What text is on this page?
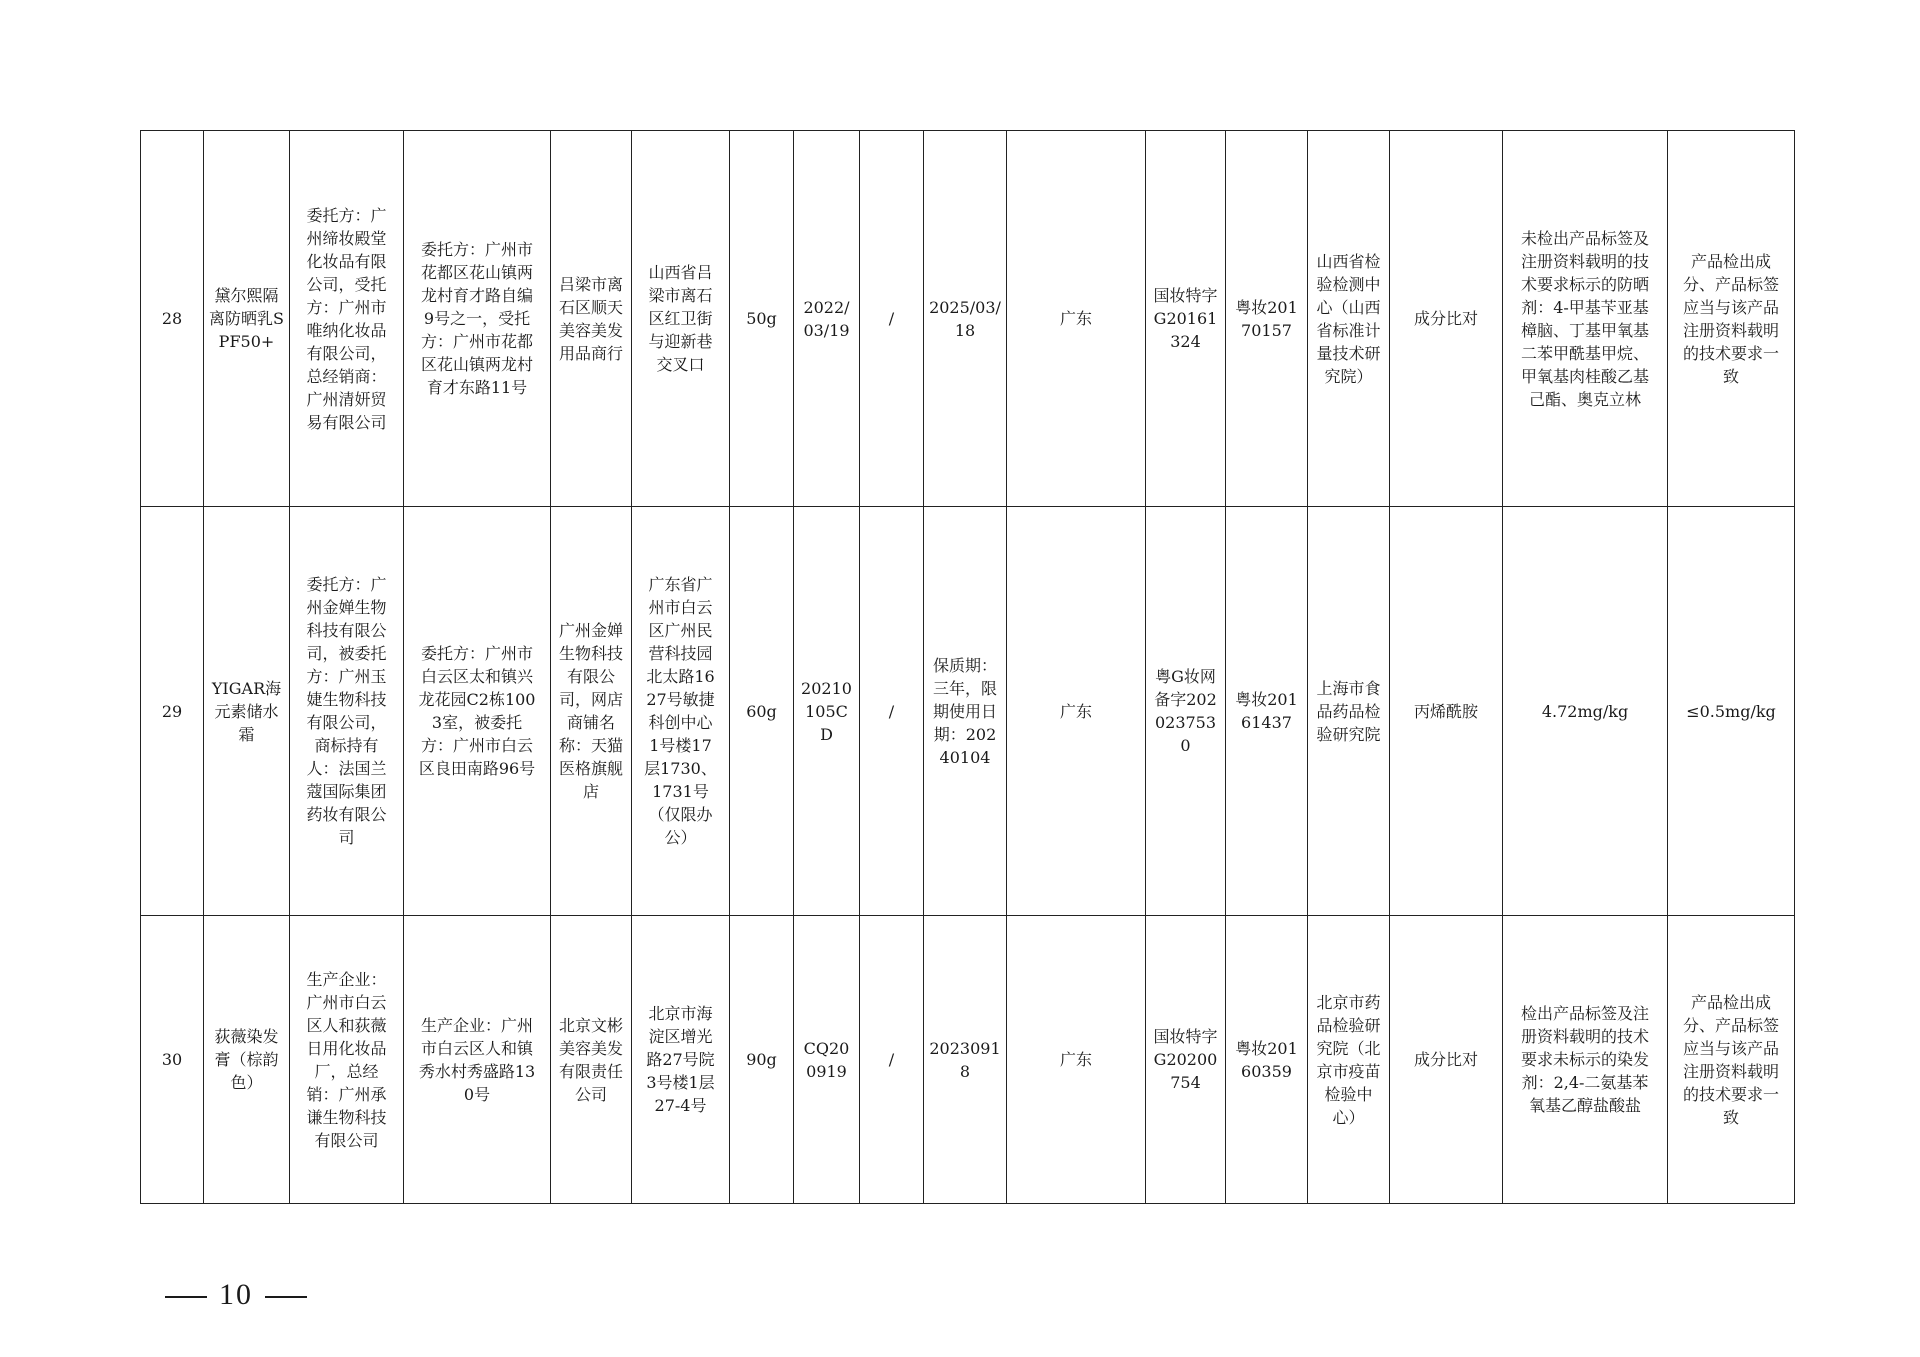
28	黛尔熙隔离防晒乳SPF50+	委托方：广州缔妆殿堂化妆品有限公司，受托方：广州市唯纳化妆品有限公司，总经销商：广州清妍贸易有限公司	委托方：广州市花都区花山镇两龙村育才路自编9号之一，受托方：广州市花都区花山镇两龙村育才东路11号	吕梁市离石区顺天美容美发用品商行	山西省吕梁市离石区红卫街与迎新巷交叉口	50g	2022/03/19	/	2025/03/18	广东	国妆特字G20161324	粤妆20170157	山西省检验检测中心（山西省标准计量技术研究院）	成分比对	未检出产品标签及注册资料载明的技术要求标示的防晒剂：4-甲基苄亚基樟脑、丁基甲氧基二苯甲酰基甲烷、甲氧基肉桂酸乙基己酯、奥克立林	产品检出成分、产品标签应当与该产品注册资料载明的技术要求一致
29	YIGAR海元素储水霜	委托方：广州金婵生物科技有限公司，被委托方：广州玉婕生物科技有限公司，商标持有人：法国兰蔻国际集团药妆有限公司	委托方：广州市白云区太和镇兴龙花园C2栋1003室，被委托方：广州市白云区良田南路96号	广州金婵生物科技有限公司，网店商铺名称：天猫医格旗舰店	广东省广州市白云区广州民营科技园北太路1627号敏捷科创中心1号楼17层1730、1731号（仅限办公）	60g	20210105CD	/	保质期：三年，限期使用日期：20240104	广东	粤G妆网备字2020237530	粤妆20161437	上海市食品药品检验研究院	丙烯酰胺	4.72mg/kg	≤0.5mg/kg
30	荻薇染发膏（棕韵色）	生产企业：广州市白云区人和荻薇日用化妆品厂，总经销：广州承谦生物科技有限公司	生产企业：广州市白云区人和镇秀水村秀盛路130号	北京文彬美容美发有限责任公司	北京市海淀区增光路27号院3号楼1层27-4号	90g	CQ200919	/	20230918	广东	国妆特字G20200754	粤妆20160359	北京市药品检验研究院（北京市疫苗检验中心）	成分比对	检出产品标签及注册资料载明的技术要求未标示的染发剂：2,4-二氨基苯氧基乙醇盐酸盐	产品检出成分、产品标签应当与该产品注册资料载明的技术要求一致
10
